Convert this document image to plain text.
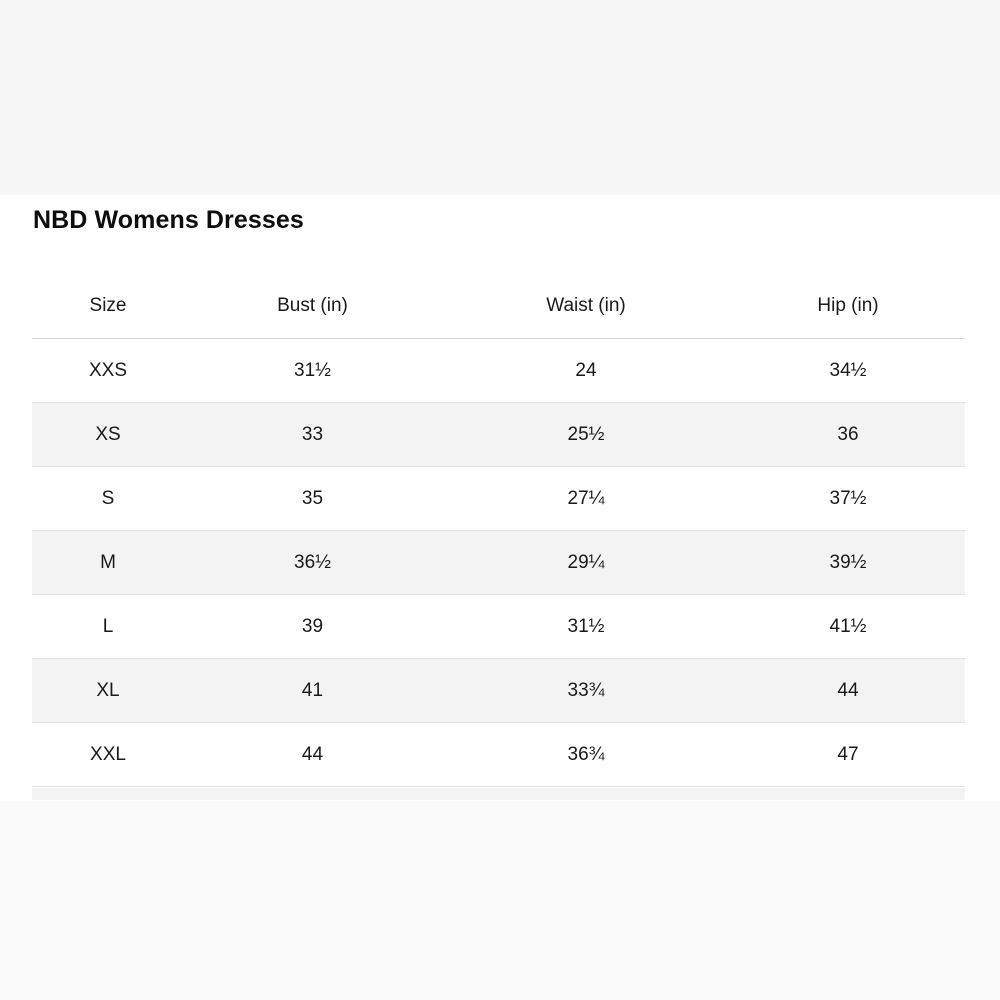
NBD Womens Dresses
Size	Bust (in)	Waist (in)	Hip (in)
XXS	31½	24	34½
XS	33	25½	36
S	35	27¼	37½
M	36½	29¼	39½
L	39	31½	41½
XL	41	33¾	44
XXL	44	36¾	47
